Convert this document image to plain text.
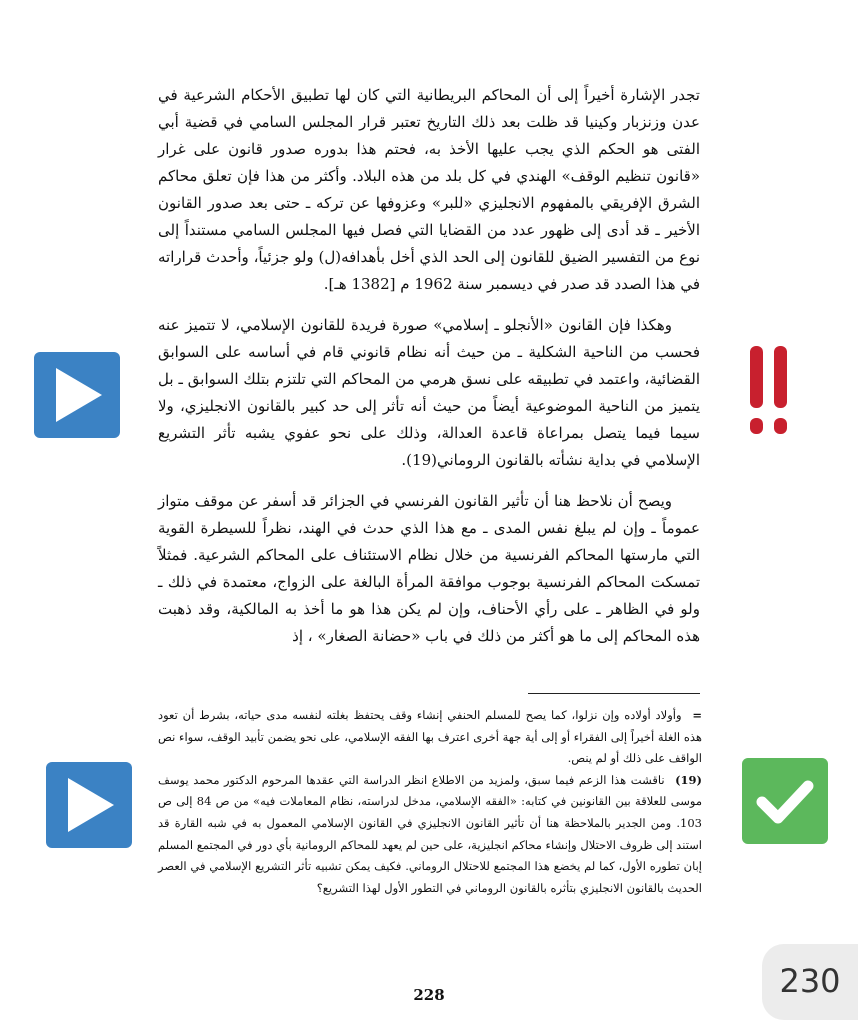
تجدر الإشارة أخيراً إلى أن المحاكم البريطانية التي كان لها تطبيق الأحكام الشرعية في عدن وزنزبار وكينيا قد ظلت بعد ذلك التاريخ تعتبر قرار المجلس السامي في قضية أبي الفتى هو الحكم الذي يجب عليها الأخذ به، فحتم هذا بدوره صدور قانون على غرار «قانون تنظيم الوقف» الهندي في كل بلد من هذه البلاد. وأكثر من هذا فإن تعلق محاكم الشرق الإفريقي بالمفهوم الانجليزي «للبر» وعزوفها عن تركه ـ حتى بعد صدور القانون الأخير ـ قد أدى إلى ظهور عدد من القضايا التي فصل فيها المجلس السامي مستنداً إلى نوع من التفسير الضيق للقانون إلى الحد الذي أخل بأهدافه(ل) ولو جزئياً، وأحدث قراراته في هذا الصدد قد صدر في ديسمبر سنة 1962 م [1382 هـ].

وهكذا فإن القانون «الأنجلو ـ إسلامي» صورة فريدة للقانون الإسلامي، لا تتميز عنه فحسب من الناحية الشكلية ـ من حيث أنه نظام قانوني قام في أساسه على السوابق القضائية، واعتمد في تطبيقه على نسق هرمي من المحاكم التي تلتزم بتلك السوابق ـ بل يتميز من الناحية الموضوعية أيضاً من حيث أنه تأثر إلى حد كبير بالقانون الانجليزي، ولا سيما فيما يتصل بمراعاة قاعدة العدالة، وذلك على نحو عفوي يشبه تأثر التشريع الإسلامي في بداية نشأته بالقانون الروماني(19).

ويصح أن نلاحظ هنا أن تأثير القانون الفرنسي في الجزائر قد أسفر عن موقف متواز عموماً ـ وإن لم يبلغ نفس المدى ـ مع هذا الذي حدث في الهند، نظراً للسيطرة القوية التي مارستها المحاكم الفرنسية من خلال نظام الاستئناف على المحاكم الشرعية. فمثلاً تمسكت المحاكم الفرنسية بوجوب موافقة المرأة البالغة على الزواج، معتمدة في ذلك ـ ولو في الظاهر ـ على رأي الأحناف، وإن لم يكن هذا هو ما أخذ به المالكية، وقد ذهبت هذه المحاكم إلى ما هو أكثر من ذلك في باب «حضانة الصغار» ، إذ

= وأولاد أولاده وإن نزلوا، كما يصح للمسلم الحنفي إنشاء وقف يحتفظ بغلته لنفسه مدى حياته، بشرط أن تعود هذه الغلة أخيراً إلى الفقراء أو إلى أية جهة أخرى اعترف بها الفقه الإسلامي، على نحو يضمن تأبيد الوقف، سواء نص الواقف على ذلك أو لم ينص.

(19) ناقشت هذا الزعم فيما سبق، ولمزيد من الاطلاع انظر الدراسة التي عقدها المرحوم الدكتور محمد يوسف موسى للعلاقة بين القانونين في كتابه: «الفقه الإسلامي، مدخل لدراسته، نظام المعاملات فيه» من ص 84 إلى ص 103. ومن الجدير بالملاحظة هنا أن تأثير القانون الانجليزي في القانون الإسلامي المعمول به في شبه القارة قد استند إلى ظروف الاحتلال وإنشاء محاكم انجليزية، على حين لم يعهد للمحاكم الرومانية بأي دور في المجتمع المسلم إبان تطوره الأول، كما لم يخضع هذا المجتمع للاحتلال الروماني. فكيف يمكن تشبيه تأثر التشريع الإسلامي في العصر الحديث بالقانون الانجليزي بتأثره بالقانون الروماني في التطور الأول لهذا التشريع؟

228	230
